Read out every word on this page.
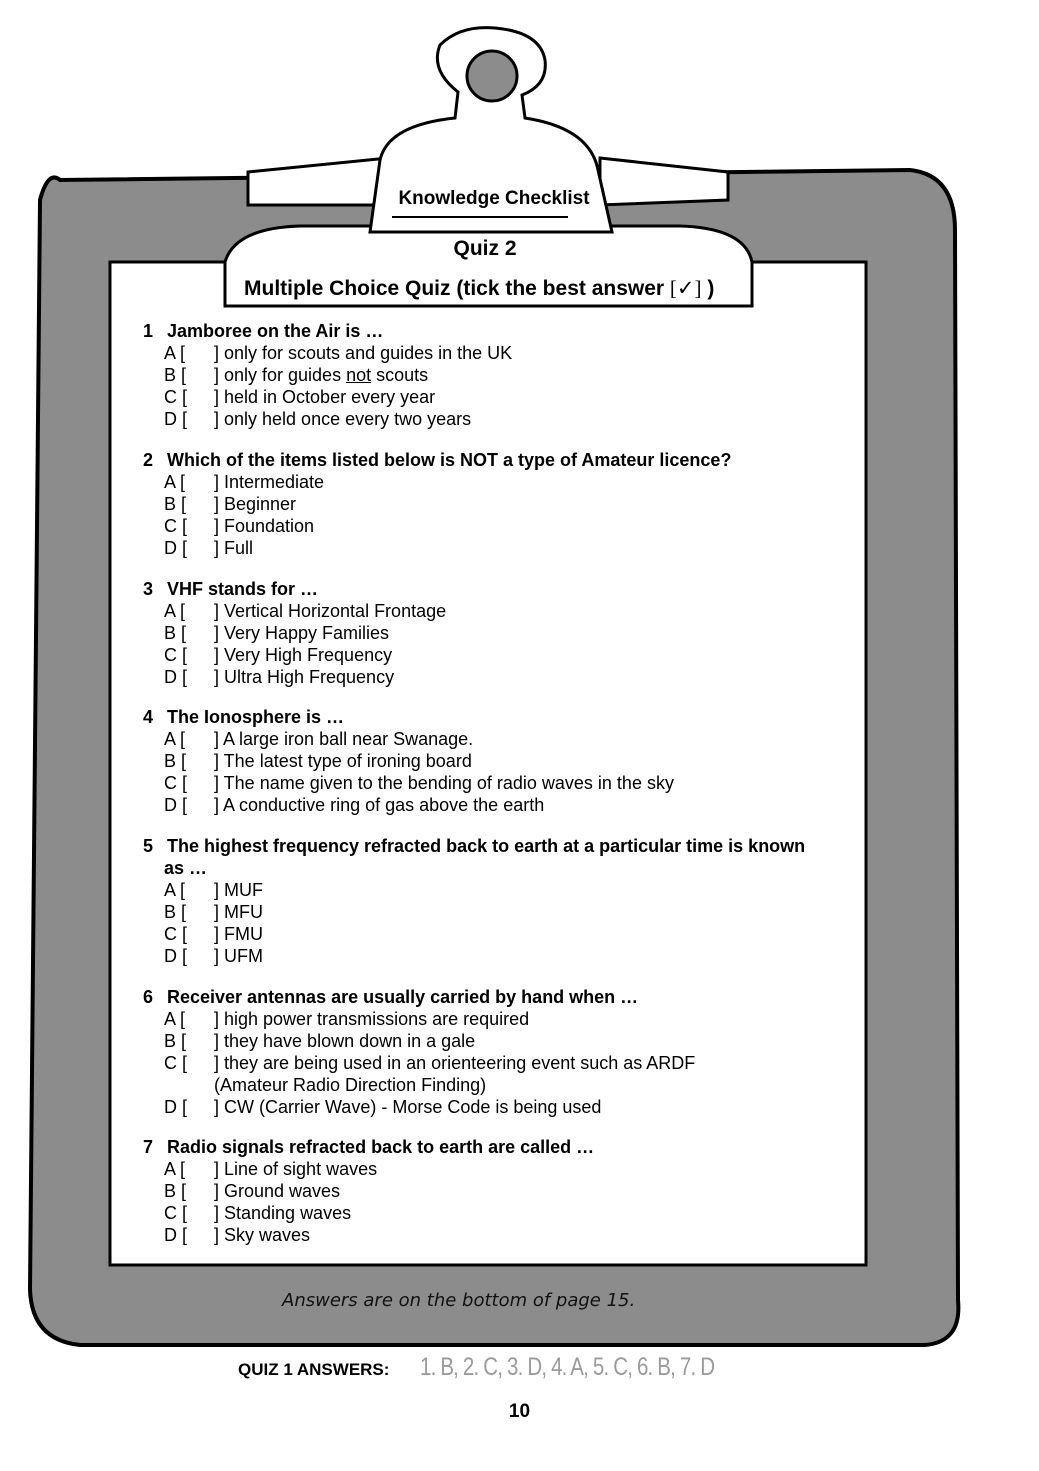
Knowledge Checklist
Quiz 2
Multiple Choice Quiz (tick the best answer [✓] )
1 Jamboree on the Air is …
A [ ] only for scouts and guides in the UK
B [ ] only for guides not scouts
C [ ] held in October every year
D [ ] only held once every two years
2 Which of the items listed below is NOT a type of Amateur licence?
A [ ] Intermediate
B [ ] Beginner
C [ ] Foundation
D [ ] Full
3 VHF stands for …
A [ ] Vertical Horizontal Frontage
B [ ] Very Happy Families
C [ ] Very High Frequency
D [ ] Ultra High Frequency
4 The Ionosphere is …
A [ ] A large iron ball near Swanage.
B [ ] The latest type of ironing board
C [ ] The name given to the bending of radio waves in the sky
D [ ] A conductive ring of gas above the earth
5 The highest frequency refracted back to earth at a particular time is known
as …
A [ ] MUF
B [ ] MFU
C [ ] FMU
D [ ] UFM
6 Receiver antennas are usually carried by hand when …
A [ ] high power transmissions are required
B [ ] they have blown down in a gale
C [ ] they are being used in an orienteering event such as ARDF
(Amateur Radio Direction Finding)
D [ ] CW (Carrier Wave) - Morse Code is being used
7 Radio signals refracted back to earth are called …
A [ ] Line of sight waves
B [ ] Ground waves
C [ ] Standing waves
D [ ] Sky waves
Answers are on the bottom of page 15.
QUIZ 1 ANSWERS: 1. B, 2. C, 3. D, 4. A, 5. C, 6. B, 7. D
10
